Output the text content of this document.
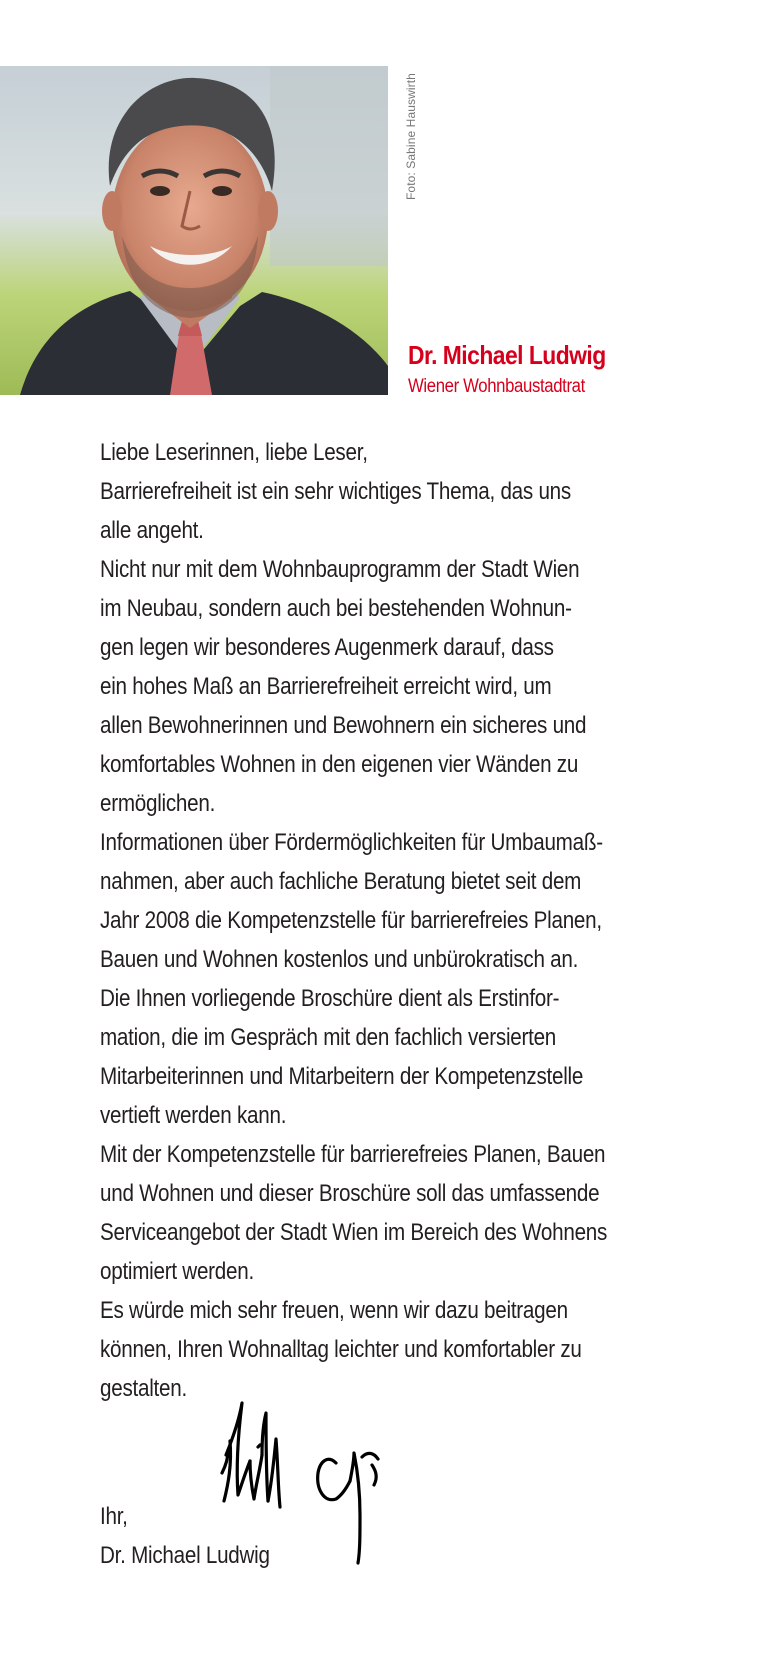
Foto: Sabine Hauswirth
Dr. Michael Ludwig
Wiener Wohnbaustadtrat
Liebe Leserinnen, liebe Leser,
Barrierefreiheit ist ein sehr wichtiges Thema, das uns
alle angeht.
Nicht nur mit dem Wohnbauprogramm der Stadt Wien
im Neubau, sondern auch bei bestehenden Wohnun-
gen legen wir besonderes Augenmerk darauf, dass
ein hohes Maß an Barrierefreiheit erreicht wird, um
allen Bewohnerinnen und Bewohnern ein sicheres und
komfortables Wohnen in den eigenen vier Wänden zu
ermöglichen.
Informationen über Fördermöglichkeiten für Umbaumaß-
nahmen, aber auch fachliche Beratung bietet seit dem
Jahr 2008 die Kompetenzstelle für barrierefreies Planen,
Bauen und Wohnen kostenlos und unbürokratisch an.
Die Ihnen vorliegende Broschüre dient als Erstinfor-
mation, die im Gespräch mit den fachlich versierten
Mitarbeiterinnen und Mitarbeitern der Kompetenzstelle
vertieft werden kann.
Mit der Kompetenzstelle für barrierefreies Planen, Bauen
und Wohnen und dieser Broschüre soll das umfassende
Serviceangebot der Stadt Wien im Bereich des Wohnens
optimiert werden.
Es würde mich sehr freuen, wenn wir dazu beitragen
können, Ihren Wohnalltag leichter und komfortabler zu
gestalten.
Ihr,
Dr. Michael Ludwig
